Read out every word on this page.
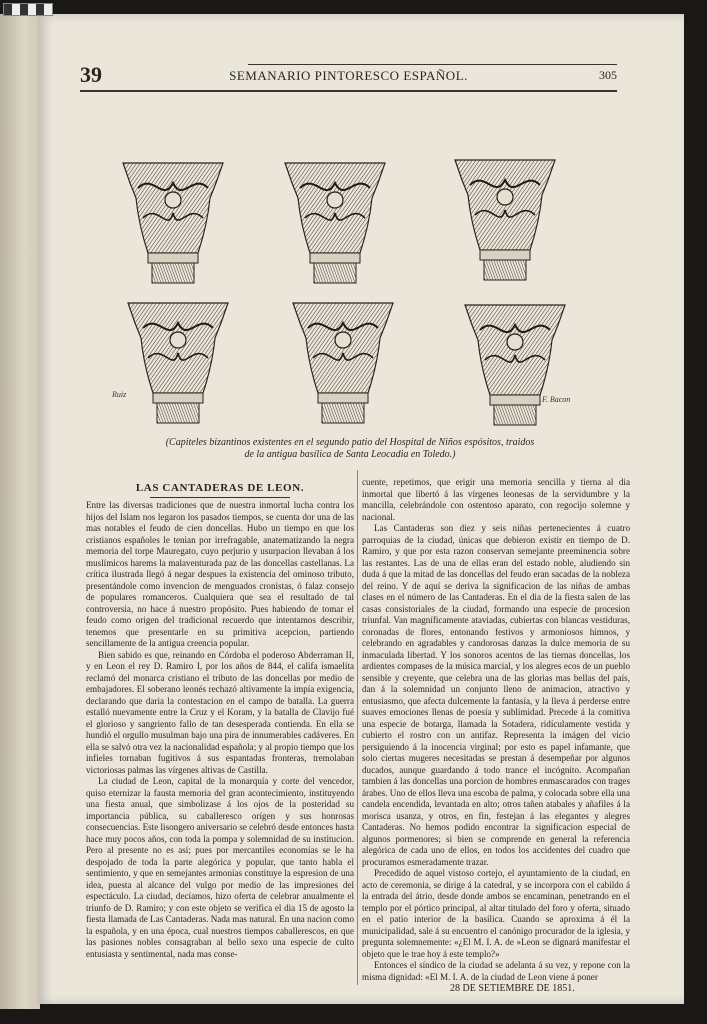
39	SEMANARIO PINTORESCO ESPAÑOL.	305
Ruiz
F. Bacon
(Capiteles bizantinos existentes en el segundo patio del Hospital de Niños espósitos, traidos
de la antigua basílica de Santa Leocadia en Toledo.)
LAS CANTADERAS DE LEON.

Entre las diversas tradiciones que de nuestra inmortal lucha contra los hijos del Islam nos legaron los pasados tiempos, se cuenta dor una de las mas notables el feudo de cien doncellas. Hubo un tiempo en que los cristianos españoles le tenian por irrefragable, anatematizando la negra memoria del torpe Mauregato, cuyo perjurio y usurpacion llevaban á los muslímicos harems la malaventurada paz de las doncellas castellanas. La crítica ilustrada llegó á negar despues la existencia del ominoso tributo, presentándole como invencion de menguados cronistas, ó falaz consejo de populares romanceros. Cualquiera que sea el resultado de tal controversia, no hace á nuestro propósito. Pues habiendo de tomar el feudo como origen del tradicional recuerdo que intentamos describir, tenemos que presentarle en su primitiva acepcion, partiendo sencillamente de la antigua creencia popular.

Bien sabido es que, reinando en Córdoba el poderoso Abderraman II, y en Leon el rey D. Ramiro I, por los años de 844, el califa ismaelita reclamó del monarca cristiano el tributo de las doncellas por medio de embajadores. El soberano leonés rechazó altivamente la impía exigencia, declarando que daria la contestacion en el campo de batalla. La guerra estalló nuevamente entre la Cruz y el Koram, y la batalla de Clavijo fué el glorioso y sangriento fallo de tan desesperada contienda. En ella se hundió el orgullo musulman bajo una pira de innumerables cadáveres. En ella se salvó otra vez la nacionalidad española; y al propio tiempo que los infieles tornaban fugitivos á sus espantadas fronteras, tremolaban victoriosas palmas las vírgenes altivas de Castilla.

La ciudad de Leon, capital de la monarquía y corte del vencedor, quiso eternizar la fausta memoria del gran acontecimiento, instituyendo una fiesta anual, que simbolizase á los ojos de la posteridad su importancia pública, su caballeresco orígen y sus honrosas consecuencias. Este lisongero aniversario se celebró desde entonces hasta hace muy pocos años, con toda la pompa y solemnidad de su institucion. Pero al presente no es así; pues por mercantiles economías se le ha despojado de toda la parte alegórica y popular, que tanto habla el sentimiento, y que en semejantes armonías constituye la espresion de una idea, puesta al alcance del vulgo por medio de las impresiones del espectáculo. La ciudad, decíamos, hizo oferta de celebrar anualmente el triunfo de D. Ramiro; y con este objeto se verifica el dia 15 de agosto la fiesta llamada de Las Cantaderas. Nada mas natural. En una nacion como la española, y en una época, cual nuestros tiempos caballerescos, en que las pasiones nobles consagraban al bello sexo una especie de culto entusiasta y sentimental, nada mas conse-

cuente, repetimos, que erigir una memoria sencilla y tierna al dia inmortal que libertó á las vírgenes leonesas de la servidumbre y la mancilla, celebrándole con ostentoso aparato, con regocijo solemne y nacional.

Las Cantaderas son diez y seis niñas pertenecientes á cuatro parroquias de la ciudad, únicas que debieron existir en tiempo de D. Ramiro, y que por esta razon conservan semejante preeminencia sobre las restantes. Las de una de ellas eran del estado noble, aludiendo sin duda á que la mitad de las doncellas del feudo eran sacadas de la nobleza del reino. Y de aquí se deriva la significacion de las niñas de ambas clases en el número de las Cantaderas. En el dia de la fiesta salen de las casas consistoriales de la ciudad, formando una especie de procesion triunfal. Van magníficamente ataviadas, cubiertas con blancas vestiduras, coronadas de flores, entonando festivos y armoniosos himnos, y celebrando en agradables y candorosas danzas la dulce memoria de su inmaculada libertad. Y los sonoros acentos de las tiernas doncellas, los ardientes compases de la música marcial, y los alegres ecos de un pueblo sensible y creyente, que celebra una de las glorias mas bellas del país, dan á la solemnidad un conjunto lleno de animacion, atractivo y entusiasmo, que afecta dulcemente la fantasía, y la lleva á perderse entre suaves emociones llenas de poesía y sublimidad. Precede á la comitiva una especie de botarga, llamada la Sotadera, ridículamente vestida y cubierto el rostro con un antifaz. Representa la imágen del vicio persiguiendo á la inocencia virginal; por esto es papel infamante, que solo ciertas mugeres necesitadas se prestan á desempeñar por algunos ducados, aunque guardando á todo trance el incógnito. Acompañan tambien á las doncellas una porcion de hombres enmascarados con trages árabes. Uno de ellos lleva una escoba de palma, y colocada sobre ella una candela encendida, levantada en alto; otros tañen atabales y añafiles á la morisca usanza, y otros, en fin, festejan á las elegantes y alegres Cantaderas. No hemos podido encontrar la significacion especial de algunos pormenores; si bien se comprende en general la referencia alegórica de cada uno de ellos, en todos los accidentes del cuadro que procuramos esmeradamente trazar.

Precedido de aquel vistoso cortejo, el ayuntamiento de la ciudad, en acto de ceremonia, se dirige á la catedral, y se incorpora con el cabildo á la entrada del átrio, desde donde ambos se encaminan, penetrando en el templo por el pórtico principal, al altar titulado del foro y oferta, situado en el patio interior de la basílica. Cuando se aproxima á él la municipalidad, sale á su encuentro el canónigo procurador de la iglesia, y pregunta solemnemente: «¿El M. I. A. de »Leon se dignará manifestar el objeto que le trae hoy á este templo?»

Entonces el síndico de la ciudad se adelanta á su vez, y repone con la misma dignidad: «El M. I. A. de la ciudad de Leon viene á poner

28 DE SETIEMBRE DE 1851.
